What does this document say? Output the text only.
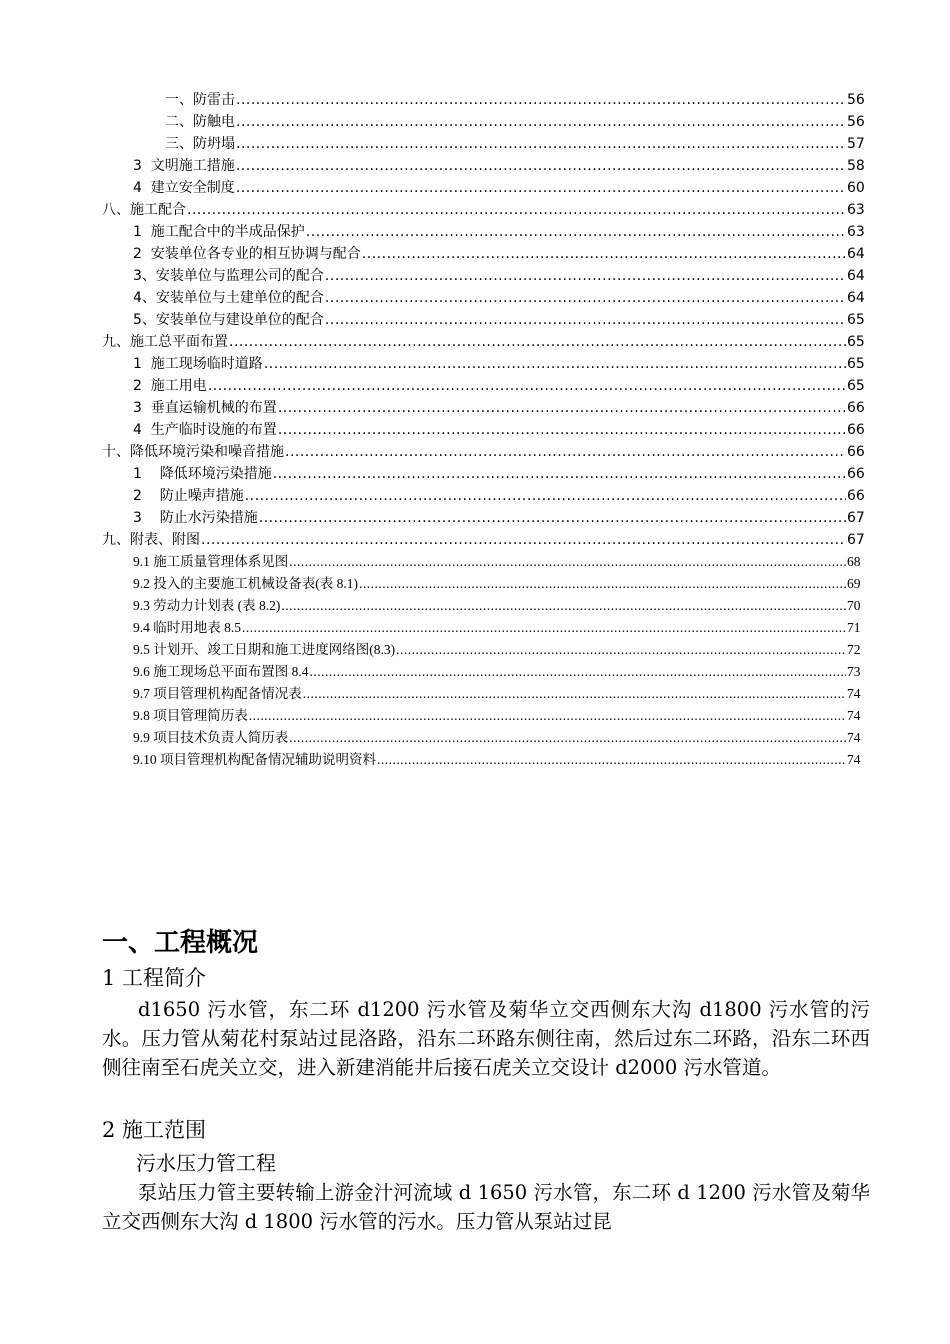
一、防雷击 .....	56
二、防触电 .....	56
三、防坍塌 .....	57
3  文明施工措施 .....	58
4  建立安全制度 .....	60
八、施工配合 .....	63
1  施工配合中的半成品保护 .....	63
2  安装单位各专业的相互协调与配合 .....	64
3、安装单位与监理公司的配合 .....	64
4、安装单位与土建单位的配合 .....	64
5、安装单位与建设单位的配合 .....	65
九、施工总平面布置 .....	65
1  施工现场临时道路 .....	65
2  施工用电 .....	65
3  垂直运输机械的布置 .....	66
4  生产临时设施的布置 .....	66
十、降低环境污染和噪音措施 .....	66
1    降低环境污染措施 .....	66
2    防止噪声措施 .....	66
3    防止水污染措施 .....	67
九、附表、附图 .....	67
9.1 施工质量管理体系见图 .....	68
9.2 投入的主要施工机械设备表(表 8.1) .....	69
9.3 劳动力计划表 (表 8.2) .....	70
9.4 临时用地表 8.5 .....	71
9.5 计划开、竣工日期和施工进度网络图(8.3) .....	72
9.6 施工现场总平面布置图 8.4 .....	73
9.7 项目管理机构配备情况表 .....	74
9.8 项目管理简历表 .....	74
9.9 项目技术负责人简历表 .....	74
9.10 项目管理机构配备情况辅助说明资料 .....	74
一、工程概况
1 工程简介

d1650 污水管，东二环 d1200 污水管及菊华立交西侧东大沟 d1800 污水管的污水。压力管从菊花村泵站过昆洛路，沿东二环路东侧往南，然后过东二环路，沿东二环西侧往南至石虎关立交，进入新建消能井后接石虎关立交设计 d2000 污水管道。

2 施工范围
污水压力管工程

泵站压力管主要转输上游金汁河流域 d 1650 污水管，东二环 d 1200 污水管及菊华立交西侧东大沟 d 1800 污水管的污水。压力管从泵站过昆
